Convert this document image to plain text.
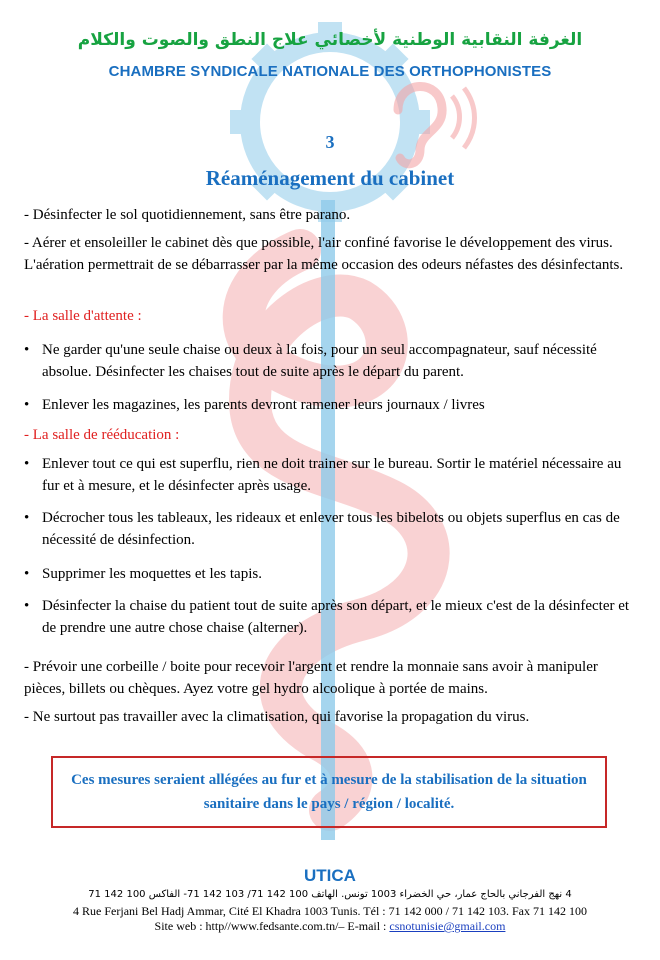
الغرفة النقابية الوطنية لأخصائي علاج النطق والصوت والكلام
CHAMBRE SYNDICALE NATIONALE DES ORTHOPHONISTES
3
Réaménagement du cabinet
- Désinfecter le sol quotidiennement, sans être parano.
- Aérer et ensoleiller le cabinet dès que possible, l'air confiné favorise le développement des virus. L'aération permettrait de se débarrasser par la même occasion des odeurs néfastes des désinfectants.
- La salle d'attente :
• Ne garder qu'une seule chaise ou deux à la fois, pour un seul accompagnateur, sauf nécessité absolue. Désinfecter les chaises tout de suite après le départ du parent.
• Enlever les magazines, les parents devront ramener leurs journaux / livres
- La salle de rééducation :
• Enlever tout ce qui est superflu, rien ne doit trainer sur le bureau. Sortir le matériel nécessaire au fur et à mesure, et le désinfecter après usage.
• Décrocher tous les tableaux, les rideaux et enlever tous les bibelots ou objets superflus en cas de nécessité de désinfection.
• Supprimer les moquettes et les tapis.
• Désinfecter la chaise du patient tout de suite après son départ, et le mieux c'est de la désinfecter et de prendre une autre chose chaise (alterner).
- Prévoir une corbeille / boite pour recevoir l'argent et rendre la monnaie sans avoir à manipuler pièces, billets ou chèques. Ayez votre gel hydro alcoolique à portée de mains.
- Ne surtout pas travailler avec la climatisation, qui favorise la propagation du virus.
Ces mesures seraient allégées au fur et à mesure de la stabilisation de la situation sanitaire dans le pays / région / localité.
UTICA
4 نهج الفرجاني بالحاج عمار، حي الخضراء 1003 تونس. الهاتف 100 142 71/ 103 142 71- الفاكس 100 142 71
4 Rue Ferjani Bel Hadj Ammar, Cité El Khadra 1003 Tunis. Tél : 71 142 000 / 71 142 103. Fax 71 142 100
Site web : http//www.fedsante.com.tn/– E-mail : csnotunisie@gmail.com
